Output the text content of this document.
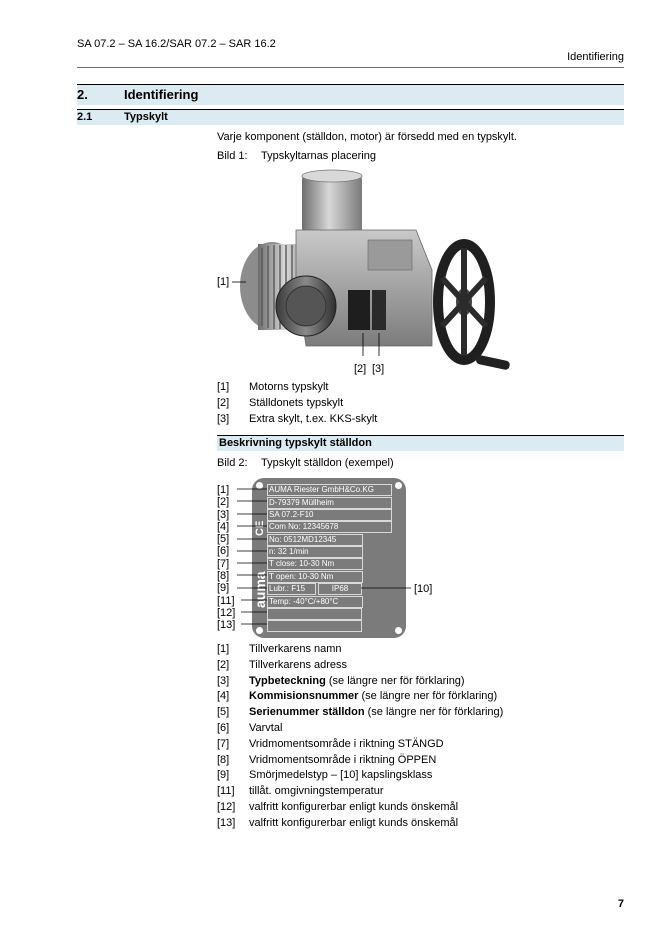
SA 07.2 – SA 16.2/SAR 07.2 – SAR 16.2
Identifiering
2.	Identifiering
2.1	Typskylt
Varje komponent (ställdon, motor) är försedd med en typskylt.
Bild 1: Typskyltarnas placering
[1]
[2] [3]
[1] Motorns typskylt
[2] Ställdonets typskylt
[3] Extra skylt, t.ex. KKS-skylt
Beskrivning typskylt ställdon
Bild 2: Typskylt ställdon (exempel)
CE
auma
AUMA Riester GmbH&Co.KG
D-79379 Müllheim
SA 07.2-F10
Com No: 12345678
No: 0512MD12345
n: 32 1/min
T close: 10-30 Nm
T open: 10-30 Nm
Lubr.: F15	IP68
Temp: -40°C/+80°C
[1]
[2]
[3]
[4]
[5]
[6]
[7]
[8]
[9]
[11]
[12]
[13]
[10]
[1] Tillverkarens namn
[2] Tillverkarens adress
[3] Typbeteckning (se längre ner för förklaring)
[4] Kommisionsnummer (se längre ner för förklaring)
[5] Serienummer ställdon (se längre ner för förklaring)
[6] Varvtal
[7] Vridmomentsområde i riktning STÄNGD
[8] Vridmomentsområde i riktning ÖPPEN
[9] Smörjmedelstyp – [10] kapslingsklass
[11] tillåt. omgivningstemperatur
[12] valfritt konfigurerbar enligt kunds önskemål
[13] valfritt konfigurerbar enligt kunds önskemål
7
